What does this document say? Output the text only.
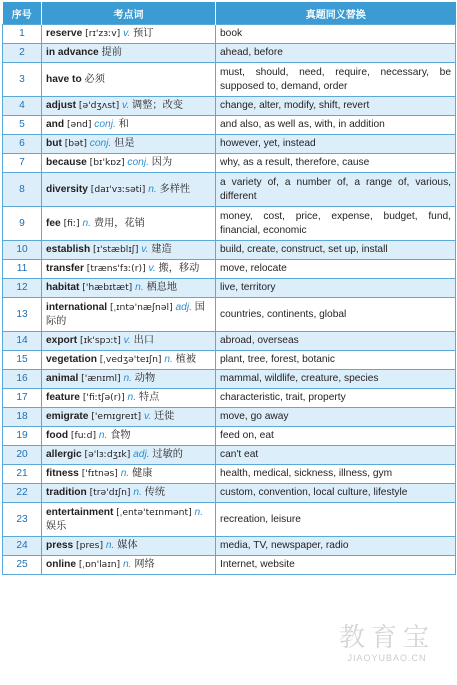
序号	考点词	真题同义替换
1	reserve [rɪ'zɜːv] v. 预订	book
2	in advance 提前	ahead, before
3	have to 必须	must, should, need, require, necessary, be supposed to, demand, order
4	adjust [ə'dʒʌst] v. 调整；改变	change, alter, modify, shift, revert
5	and [ənd] conj. 和	and also, as well as, with, in addition
6	but [bət] conj. 但是	however, yet, instead
7	because [bɪ'kɒz] conj. 因为	why, as a result, therefore, cause
8	diversity [daɪ'vɜːsəti] n. 多样性	a variety of, a number of, a range of, various, different
9	fee [fiː] n. 费用，花销	money, cost, price, expense, budget, fund, financial, economic
10	establish [ɪ'stæblɪʃ] v. 建造	build, create, construct, set up, install
11	transfer [træns'fɜː(r)] v. 搬，移动	move, relocate
12	habitat ['hæbɪtæt] n. 栖息地	live, territory
13	international [ˌɪntə'næʃnəl] adj. 国际的	countries, continents, global
14	export [ɪk'spɔːt] v. 出口	abroad, overseas
15	vegetation [ˌvedʒə'teɪʃn] n. 植被	plant, tree, forest, botanic
16	animal ['ænɪml] n. 动物	mammal, wildlife, creature, species
17	feature ['fiːtʃə(r)] n. 特点	characteristic, trait, property
18	emigrate ['emɪgreɪt] v. 迁徙	move, go away
19	food [fuːd] n. 食物	feed on, eat
20	allergic [ə'lɜːdʒɪk] adj. 过敏的	can't eat
21	fitness ['fɪtnəs] n. 健康	health, medical, sickness, illness, gym
22	tradition [trə'dɪʃn] n. 传统	custom, convention, local culture, lifestyle
23	entertainment [ˌentə'teɪnmənt] n. 娱乐	recreation, leisure
24	press [pres] n. 媒体	media, TV, newspaper, radio
25	online [ˌɒn'laɪn] n. 网络	Internet, website
教育宝
JIAOYUBAO.CN
